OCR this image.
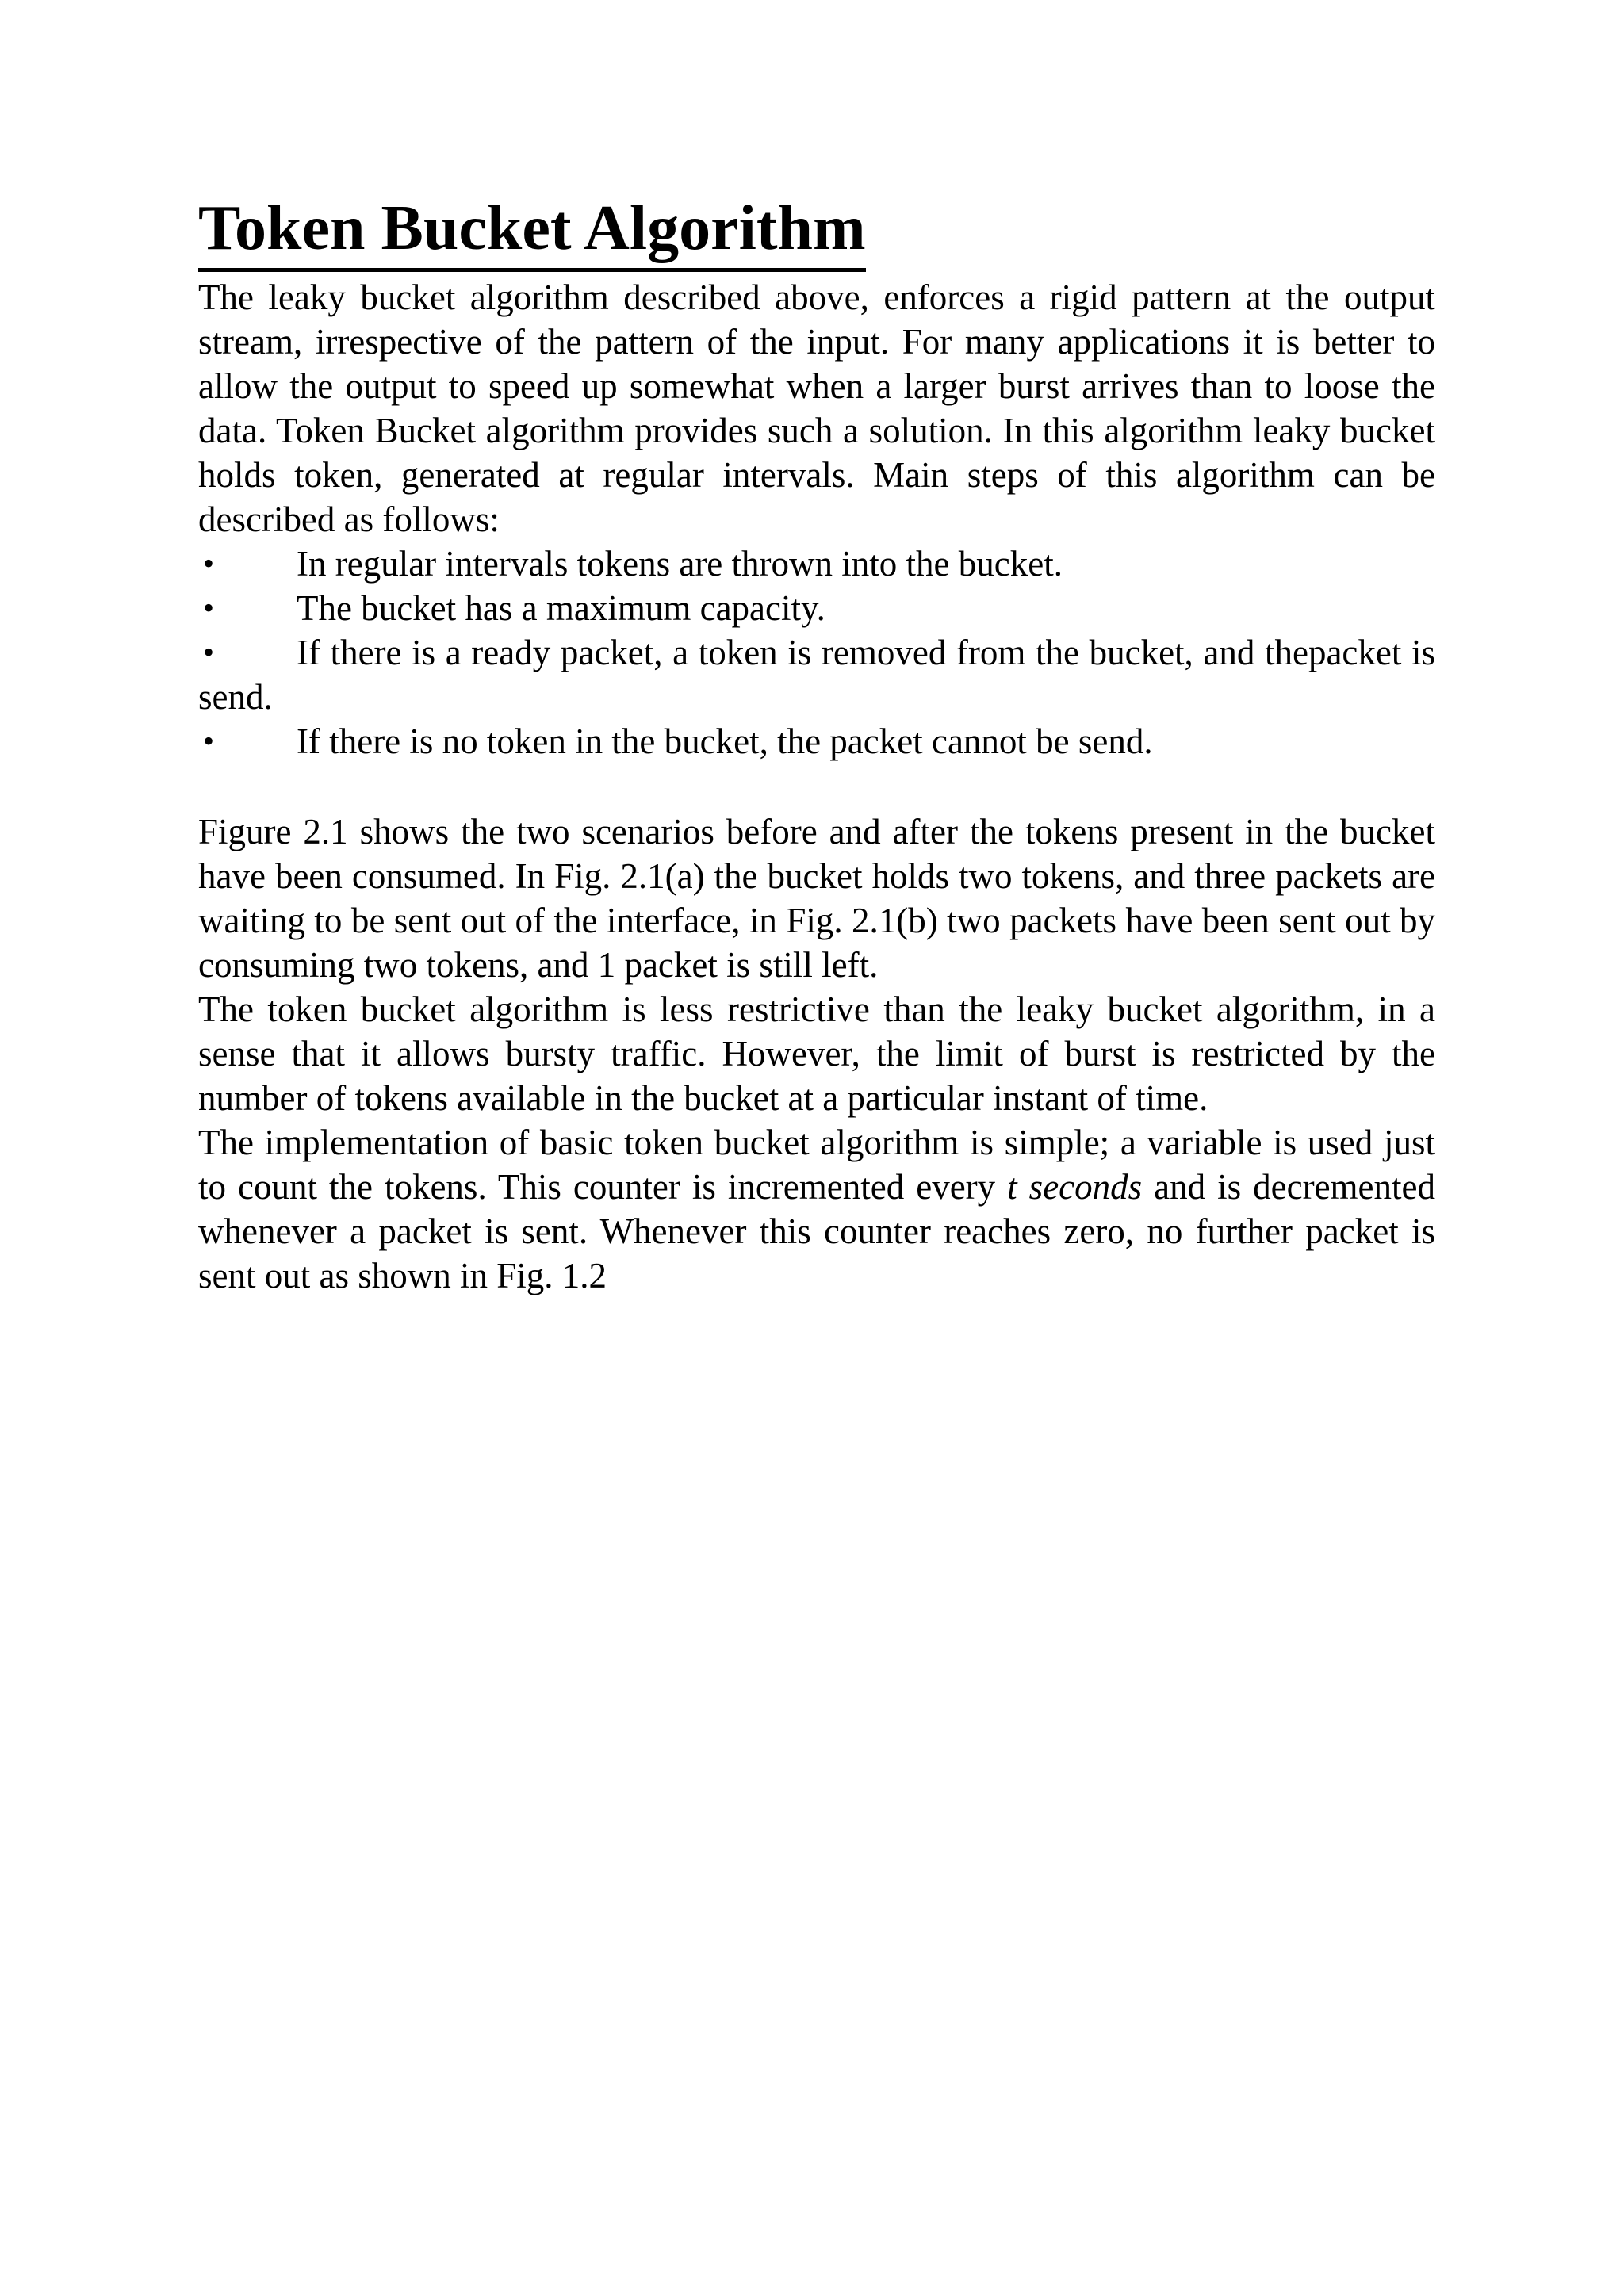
Token Bucket Algorithm

The leaky bucket algorithm described above, enforces a rigid pattern at the output stream, irrespective of the pattern of the input. For many applications it is better to allow the output to speed up somewhat when a larger burst arrives than to loose the data. Token Bucket algorithm provides such a solution. In this algorithm leaky bucket holds token, generated at regular intervals. Main steps of this algorithm can be described as follows:

• In regular intervals tokens are thrown into the bucket.
• The bucket has a maximum capacity.
• If there is a ready packet, a token is removed from the bucket, and thepacket is send.
• If there is no token in the bucket, the packet cannot be send.

Figure 2.1 shows the two scenarios before and after the tokens present in the bucket have been consumed. In Fig. 2.1(a) the bucket holds two tokens, and three packets are waiting to be sent out of the interface, in Fig. 2.1(b) two packets have been sent out by consuming two tokens, and 1 packet is still left.

The token bucket algorithm is less restrictive than the leaky bucket algorithm, in a sense that it allows bursty traffic. However, the limit of burst is restricted by the number of tokens available in the bucket at a particular instant of time.

The implementation of basic token bucket algorithm is simple; a variable is used just to count the tokens. This counter is incremented every t seconds and is decremented whenever a packet is sent. Whenever this counter reaches zero, no further packet is sent out as shown in Fig. 1.2
